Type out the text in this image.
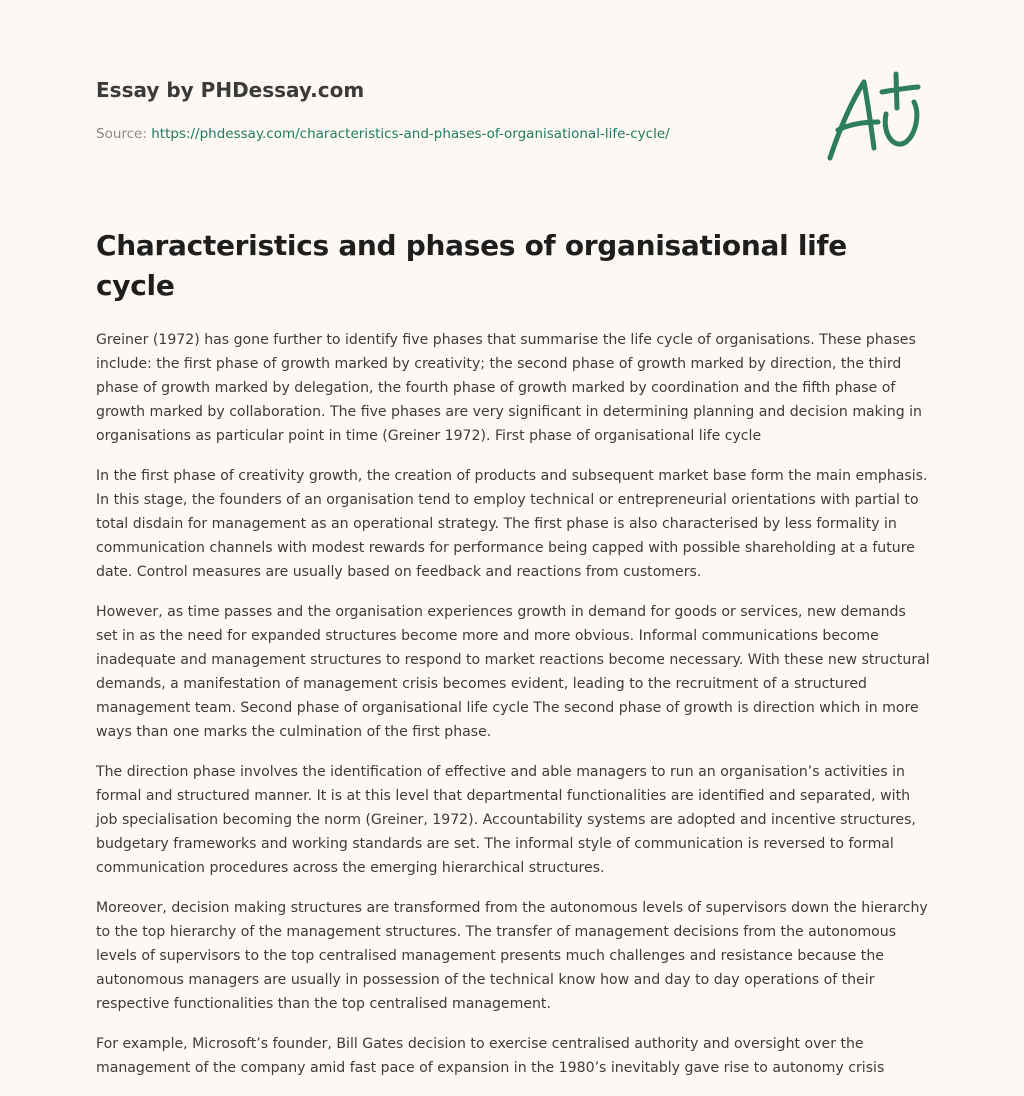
Essay by PHDessay.com
Source: https://phdessay.com/characteristics-and-phases-of-organisational-life-cycle/
Characteristics and phases of organisational life cycle

Greiner (1972) has gone further to identify five phases that summarise the life cycle of organisations. These phases include: the first phase of growth marked by creativity; the second phase of growth marked by direction, the third phase of growth marked by delegation, the fourth phase of growth marked by coordination and the fifth phase of growth marked by collaboration. The five phases are very significant in determining planning and decision making in organisations as particular point in time (Greiner 1972). First phase of organisational life cycle

In the first phase of creativity growth, the creation of products and subsequent market base form the main emphasis. In this stage, the founders of an organisation tend to employ technical or entrepreneurial orientations with partial to total disdain for management as an operational strategy. The first phase is also characterised by less formality in communication channels with modest rewards for performance being capped with possible shareholding at a future date. Control measures are usually based on feedback and reactions from customers.

However, as time passes and the organisation experiences growth in demand for goods or services, new demands set in as the need for expanded structures become more and more obvious. Informal communications become inadequate and management structures to respond to market reactions become necessary. With these new structural demands, a manifestation of management crisis becomes evident, leading to the recruitment of a structured management team. Second phase of organisational life cycle The second phase of growth is direction which in more ways than one marks the culmination of the first phase.

The direction phase involves the identification of effective and able managers to run an organisation’s activities in formal and structured manner. It is at this level that departmental functionalities are identified and separated, with job specialisation becoming the norm (Greiner, 1972). Accountability systems are adopted and incentive structures, budgetary frameworks and working standards are set. The informal style of communication is reversed to formal communication procedures across the emerging hierarchical structures.

Moreover, decision making structures are transformed from the autonomous levels of supervisors down the hierarchy to the top hierarchy of the management structures. The transfer of management decisions from the autonomous levels of supervisors to the top centralised management presents much challenges and resistance because the autonomous managers are usually in possession of the technical know how and day to day operations of their respective functionalities than the top centralised management.

For example, Microsoft’s founder, Bill Gates decision to exercise centralised authority and oversight over the management of the company amid fast pace of expansion in the 1980’s inevitably gave rise to autonomy crisis
